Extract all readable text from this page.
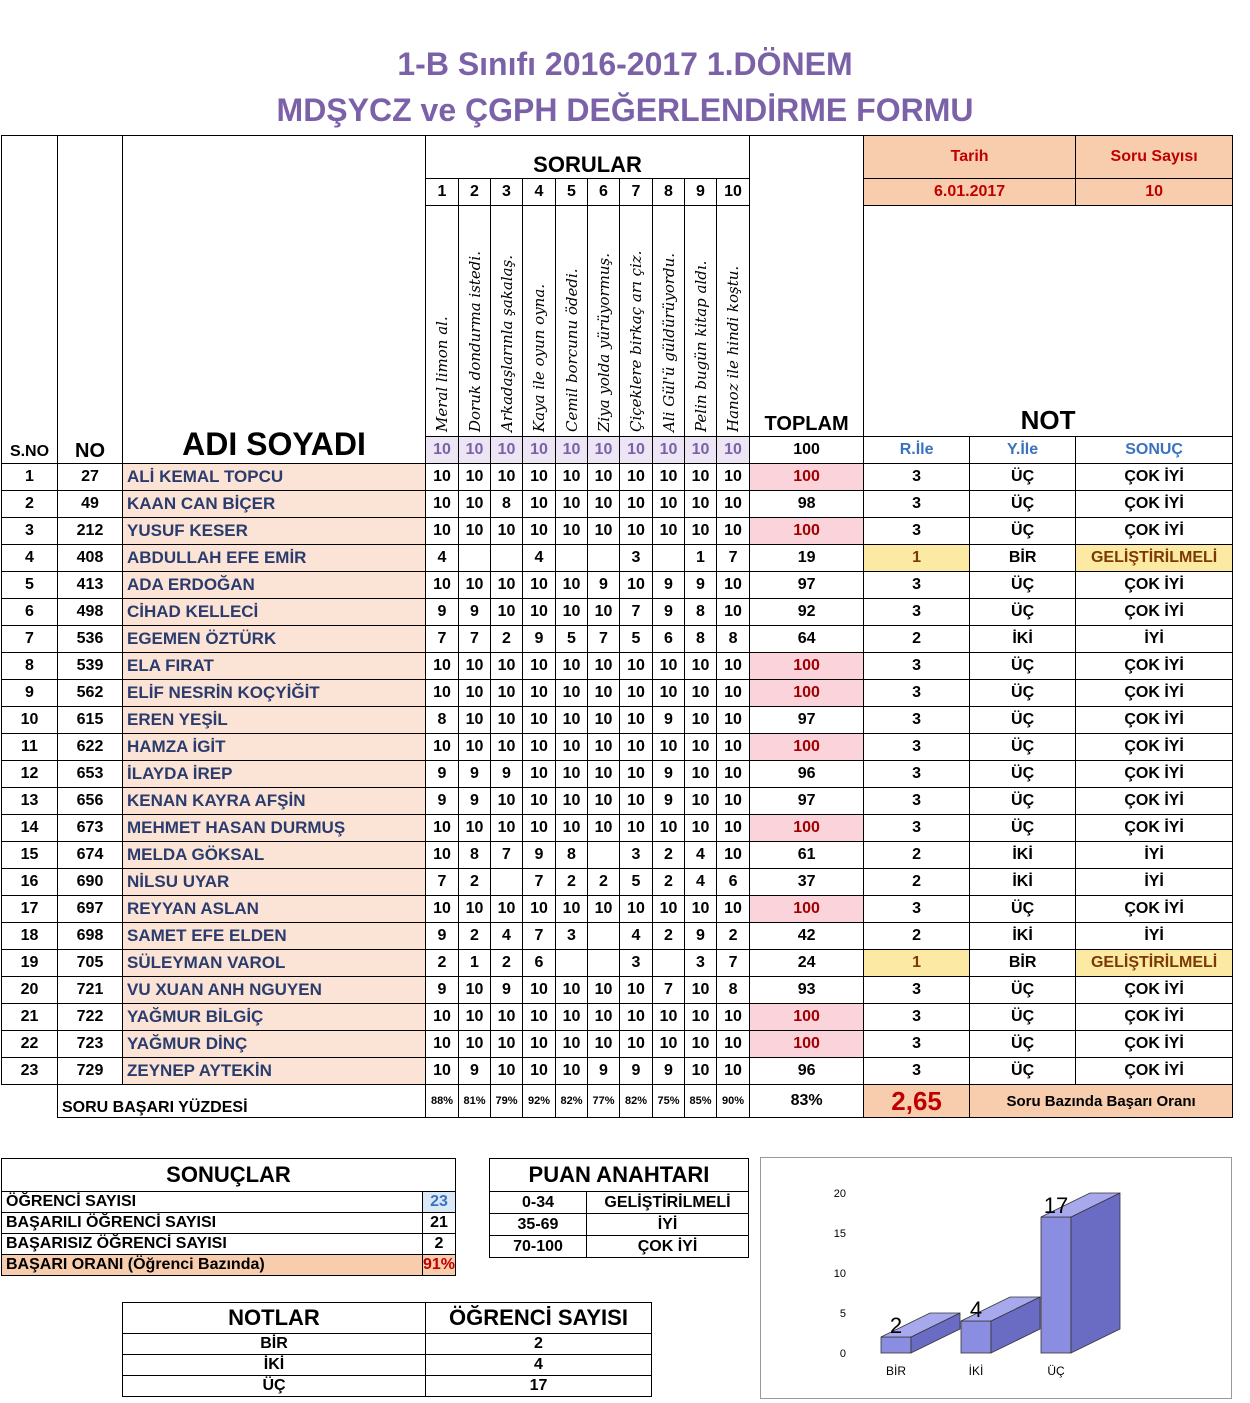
1-B Sınıfı 2016-2017 1.DÖNEM
MDŞYCZ ve ÇGPH DEĞERLENDİRME FORMU
S.NO	NO	ADI SOYADI	SORULAR										TOPLAM	Tarih		Soru Sayısı
			1	2	3	4	5	6	7	8	9	10		6.01.2017		10

			Meral limon al.	Doruk dondurma istedi.	Arkadaşlarınla şakalaş.	Kaya ile oyun oyna.	Cemil borcunu ödedi.	Ziya yolda yürüyormuş.	Çiçeklere birkaç arı çiz.	Ali Gül'ü güldürüyordu.	Pelin bugün kitap aldı.	Hanoz ile hindi koştu.		NOT		
			10	10	10	10	10	10	10	10	10	10	100	R.İle	Y.İle	SONUÇ
1	27	ALİ KEMAL TOPCU	10	10	10	10	10	10	10	10	10	10	100	3	ÜÇ	ÇOK İYİ
2	49	KAAN CAN BİÇER	10	10	8	10	10	10	10	10	10	10	98	3	ÜÇ	ÇOK İYİ
3	212	YUSUF KESER	10	10	10	10	10	10	10	10	10	10	100	3	ÜÇ	ÇOK İYİ
4	408	ABDULLAH EFE EMİR	4			4			3		1	7	19	1	BİR	GELİŞTİRİLMELİ
5	413	ADA ERDOĞAN	10	10	10	10	10	9	10	9	9	10	97	3	ÜÇ	ÇOK İYİ
6	498	CİHAD KELLECİ	9	9	10	10	10	10	7	9	8	10	92	3	ÜÇ	ÇOK İYİ
7	536	EGEMEN ÖZTÜRK	7	7	2	9	5	7	5	6	8	8	64	2	İKİ	İYİ
8	539	ELA FIRAT	10	10	10	10	10	10	10	10	10	10	100	3	ÜÇ	ÇOK İYİ
9	562	ELİF NESRİN KOÇYİĞİT	10	10	10	10	10	10	10	10	10	10	100	3	ÜÇ	ÇOK İYİ
10	615	EREN YEŞİL	8	10	10	10	10	10	10	9	10	10	97	3	ÜÇ	ÇOK İYİ
11	622	HAMZA İGİT	10	10	10	10	10	10	10	10	10	10	100	3	ÜÇ	ÇOK İYİ
12	653	İLAYDA İREP	9	9	9	10	10	10	10	9	10	10	96	3	ÜÇ	ÇOK İYİ
13	656	KENAN KAYRA AFŞİN	9	9	10	10	10	10	10	9	10	10	97	3	ÜÇ	ÇOK İYİ
14	673	MEHMET HASAN DURMUŞ	10	10	10	10	10	10	10	10	10	10	100	3	ÜÇ	ÇOK İYİ
15	674	MELDA GÖKSAL	10	8	7	9	8		3	2	4	10	61	2	İKİ	İYİ
16	690	NİLSU UYAR	7	2		7	2	2	5	2	4	6	37	2	İKİ	İYİ
17	697	REYYAN ASLAN	10	10	10	10	10	10	10	10	10	10	100	3	ÜÇ	ÇOK İYİ
18	698	SAMET EFE ELDEN	9	2	4	7	3		4	2	9	2	42	2	İKİ	İYİ
19	705	SÜLEYMAN VAROL	2	1	2	6			3		3	7	24	1	BİR	GELİŞTİRİLMELİ
20	721	VU XUAN ANH NGUYEN	9	10	9	10	10	10	10	7	10	8	93	3	ÜÇ	ÇOK İYİ
21	722	YAĞMUR BİLGİÇ	10	10	10	10	10	10	10	10	10	10	100	3	ÜÇ	ÇOK İYİ
22	723	YAĞMUR DİNÇ	10	10	10	10	10	10	10	10	10	10	100	3	ÜÇ	ÇOK İYİ
23	729	ZEYNEP AYTEKİN	10	9	10	10	10	9	9	9	10	10	96	3	ÜÇ	ÇOK İYİ
	SORU BAŞARI YÜZDESİ		88%	81%	79%	92%	82%	77%	82%	75%	85%	90%	83%	2,65	Soru Bazında Başarı Oranı	
SONUÇLAR	
ÖĞRENCİ SAYISI	23
BAŞARILI ÖĞRENCİ SAYISI	21
BAŞARISIZ ÖĞRENCİ SAYISI	2
BAŞARI ORANI (Öğrenci Bazında)	91%
PUAN ANAHTARI	
0-34	GELİŞTİRİLMELİ
35-69	İYİ
70-100	ÇOK İYİ
NOTLAR	ÖĞRENCİ SAYISI
BİR	2
İKİ	4
ÜÇ	17
0
5
10
15
20
2
BİR
4
İKİ
17
ÜÇ
